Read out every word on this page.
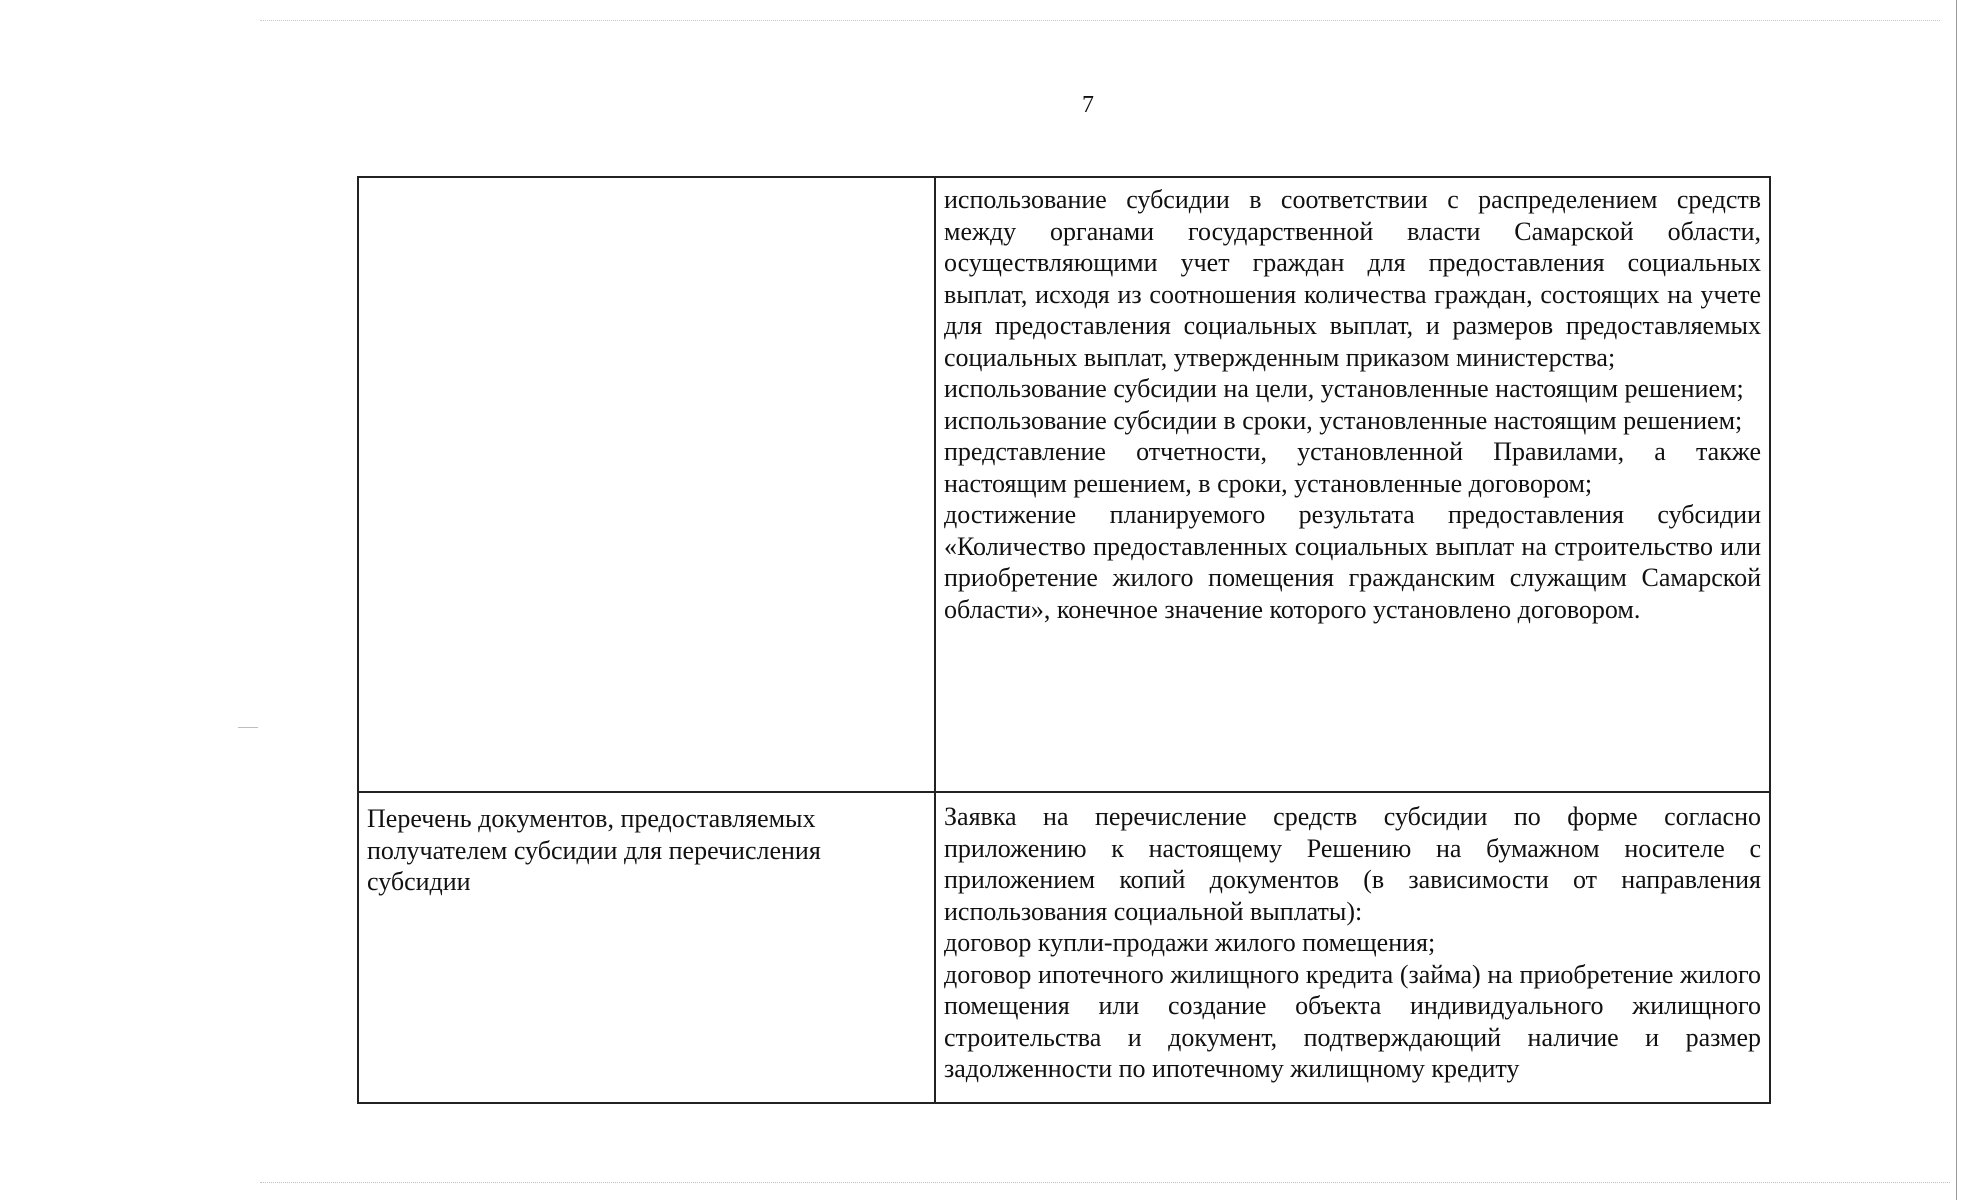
7

	использование субсидии в соответствии с распределением средств между органами государственной власти Самарской области, осуществляющими учет граждан для предоставления социальных выплат, исходя из соотношения количества граждан, состоящих на учете для предоставления социальных выплат, и размеров предоставляемых социальных выплат, утвержденным приказом министерства;

использование субсидии на цели, установленные настоящим решением;

использование субсидии в сроки, установленные настоящим решением;

представление отчетности, установленной Правилами, а также настоящим решением, в сроки, установленные договором;

достижение планируемого результата предоставления субсидии «Количество предоставленных социальных выплат на строительство или приобретение жилого помещения гражданским служащим Самарской области», конечное значение которого установлено договором.

Перечень документов, предоставляемых получателем субсидии для перечисления субсидии	Заявка на перечисление средств субсидии по форме согласно приложению к настоящему Решению на бумажном носителе с приложением копий документов (в зависимости от направления использования социальной выплаты):

договор купли-продажи жилого помещения;

договор ипотечного жилищного кредита (займа) на приобретение жилого помещения или создание объекта индивидуального жилищного строительства и документ, подтверждающий наличие и размер задолженности по ипотечному жилищному кредиту
